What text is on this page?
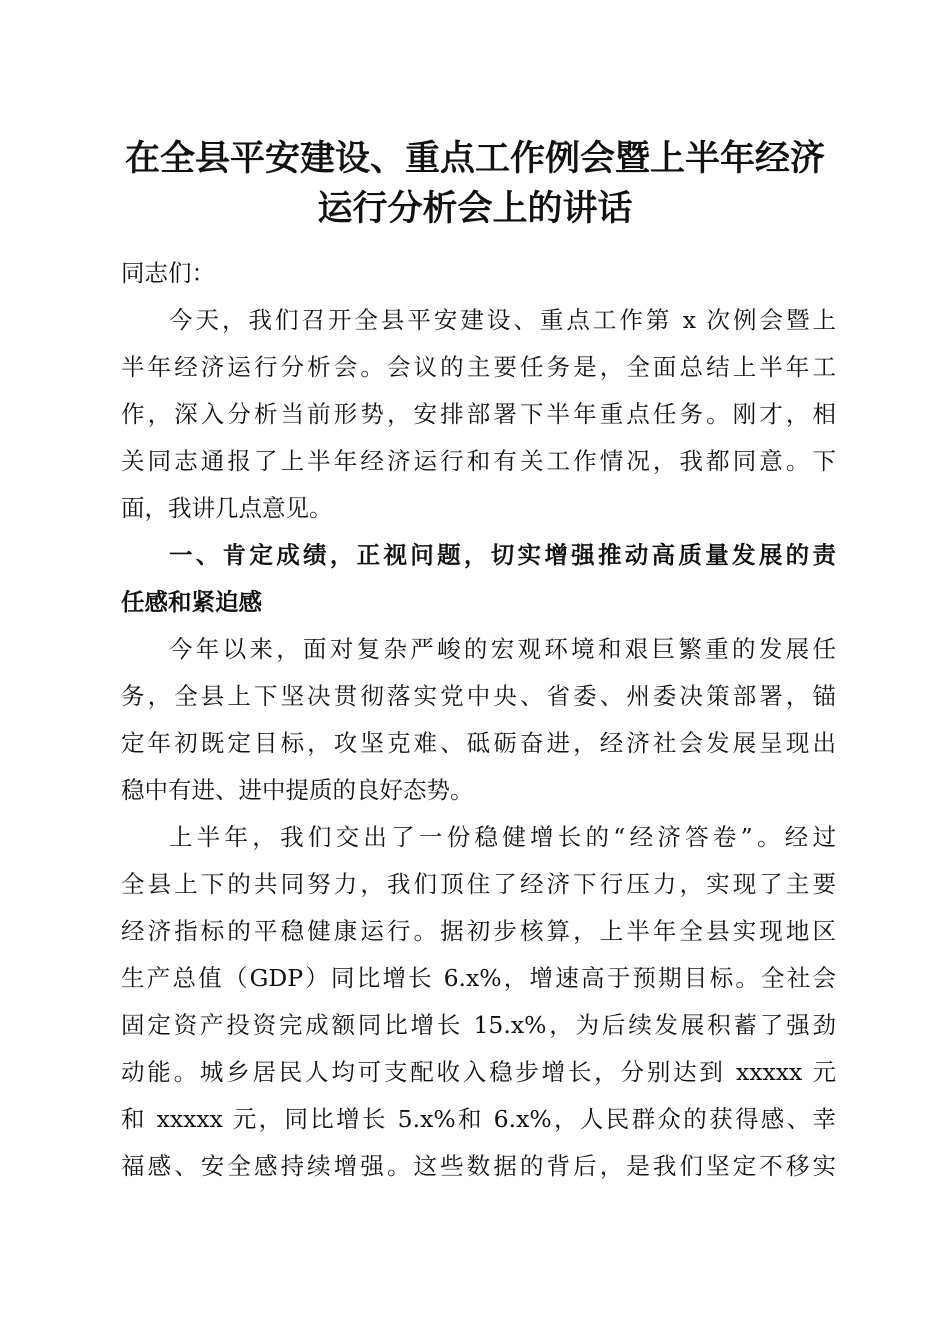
在全县平安建设、重点工作例会暨上半年经济
运行分析会上的讲话
同志们：
今天，我们召开全县平安建设、重点工作第 x 次例会暨上
半年经济运行分析会。会议的主要任务是，全面总结上半年工
作，深入分析当前形势，安排部署下半年重点任务。刚才，相
关同志通报了上半年经济运行和有关工作情况，我都同意。下
面，我讲几点意见。
一、肯定成绩，正视问题，切实增强推动高质量发展的责
任感和紧迫感
今年以来，面对复杂严峻的宏观环境和艰巨繁重的发展任
务，全县上下坚决贯彻落实党中央、省委、州委决策部署，锚
定年初既定目标，攻坚克难、砥砺奋进，经济社会发展呈现出
稳中有进、进中提质的良好态势。
上半年，我们交出了一份稳健增长的“经济答卷”。经过
全县上下的共同努力，我们顶住了经济下行压力，实现了主要
经济指标的平稳健康运行。据初步核算，上半年全县实现地区
生产总值（GDP）同比增长 6.x%，增速高于预期目标。全社会
固定资产投资完成额同比增长 15.x%，为后续发展积蓄了强劲
动能。城乡居民人均可支配收入稳步增长，分别达到 xxxxx 元
和 xxxxx 元，同比增长 5.x%和 6.x%，人民群众的获得感、幸
福感、安全感持续增强。这些数据的背后，是我们坚定不移实
